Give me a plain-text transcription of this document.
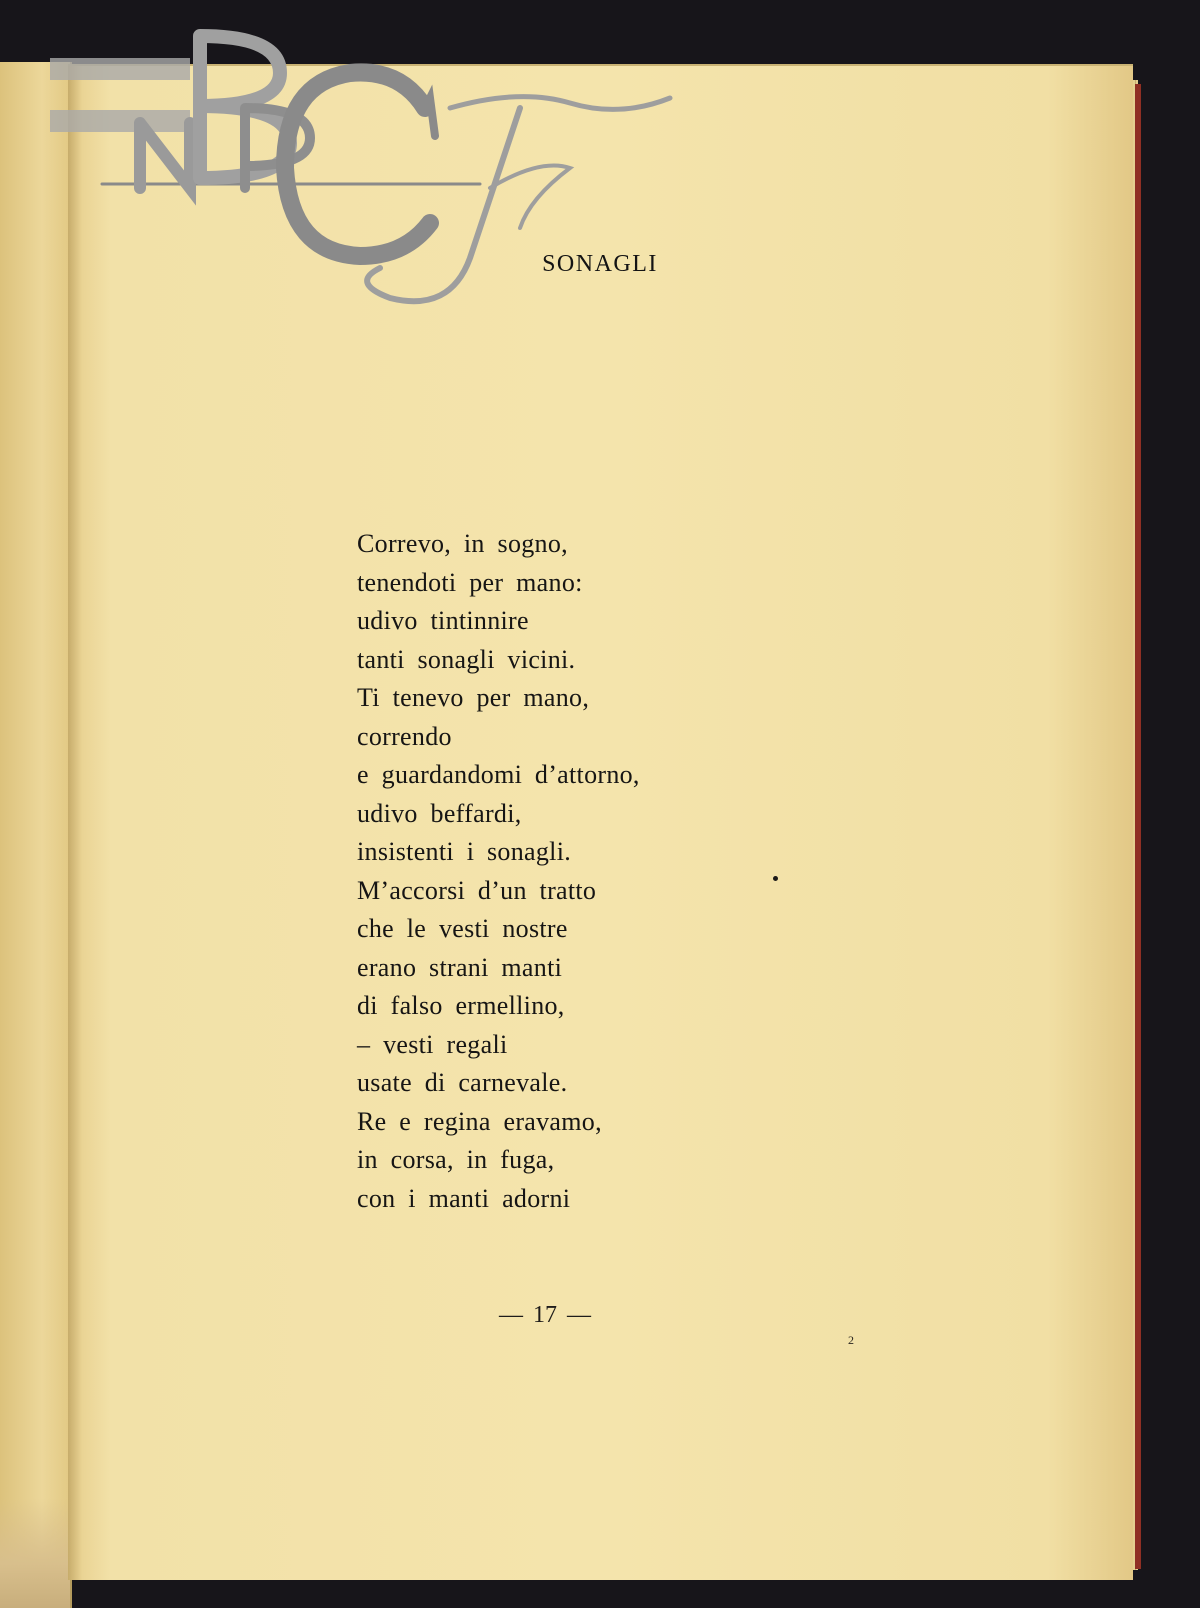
SONAGLI
Correvo, in sogno,
tenendoti per mano:
udivo tintinnire
tanti sonagli vicini.
Ti tenevo per mano,
correndo
e guardandomi d’attorno,
udivo beffardi,
insistenti i sonagli.
M’accorsi d’un tratto
che le vesti nostre
erano strani manti
di falso ermellino,
– vesti regali
usate di carnevale.
Re e regina eravamo,
in corsa, in fuga,
con i manti adorni
— 17 —
2
